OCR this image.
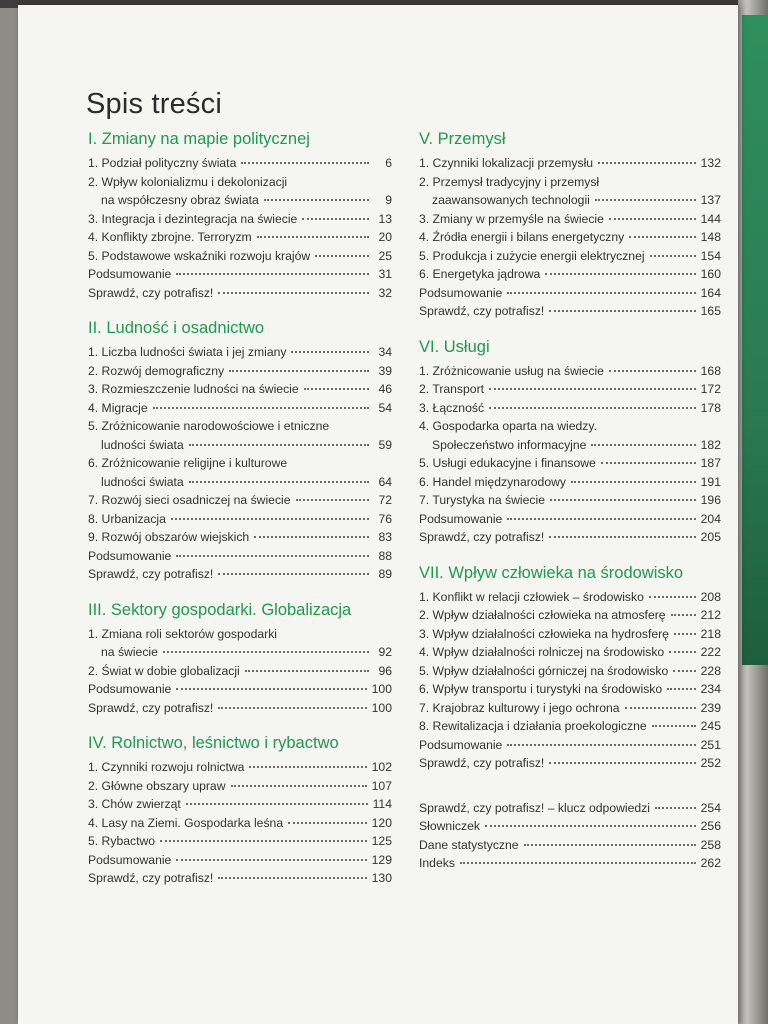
Spis treści
I. Zmiany na mapie politycznej
1. Podział polityczny świata	6
2. Wpływ kolonializmu i dekolonizacji
na współczesny obraz świata	9
3. Integracja i dezintegracja na świecie	13
4. Konflikty zbrojne. Terroryzm	20
5. Podstawowe wskaźniki rozwoju krajów	25
Podsumowanie	31
Sprawdź, czy potrafisz!	32
II. Ludność i osadnictwo
1. Liczba ludności świata i jej zmiany	34
2. Rozwój demograficzny	39
3. Rozmieszczenie ludności na świecie	46
4. Migracje	54
5. Zróżnicowanie narodowościowe i etniczne
ludności świata	59
6. Zróżnicowanie religijne i kulturowe
ludności świata	64
7. Rozwój sieci osadniczej na świecie	72
8. Urbanizacja	76
9. Rozwój obszarów wiejskich	83
Podsumowanie	88
Sprawdź, czy potrafisz!	89
III. Sektory gospodarki. Globalizacja
1. Zmiana roli sektorów gospodarki
na świecie	92
2. Świat w dobie globalizacji	96
Podsumowanie	100
Sprawdź, czy potrafisz!	100
IV. Rolnictwo, leśnictwo i rybactwo
1. Czynniki rozwoju rolnictwa	102
2. Główne obszary upraw	107
3. Chów zwierząt	114
4. Lasy na Ziemi. Gospodarka leśna	120
5. Rybactwo	125
Podsumowanie	129
Sprawdź, czy potrafisz!	130
V. Przemysł
1. Czynniki lokalizacji przemysłu	132
2. Przemysł tradycyjny i przemysł
zaawansowanych technologii	137
3. Zmiany w przemyśle na świecie	144
4. Źródła energii i bilans energetyczny	148
5. Produkcja i zużycie energii elektrycznej	154
6. Energetyka jądrowa	160
Podsumowanie	164
Sprawdź, czy potrafisz!	165
VI. Usługi
1. Zróżnicowanie usług na świecie	168
2. Transport	172
3. Łączność	178
4. Gospodarka oparta na wiedzy.
Społeczeństwo informacyjne	182
5. Usługi edukacyjne i finansowe	187
6. Handel międzynarodowy	191
7. Turystyka na świecie	196
Podsumowanie	204
Sprawdź, czy potrafisz!	205
VII. Wpływ człowieka na środowisko
1. Konflikt w relacji człowiek – środowisko	208
2. Wpływ działalności człowieka na atmosferę	212
3. Wpływ działalności człowieka na hydrosferę	218
4. Wpływ działalności rolniczej na środowisko	222
5. Wpływ działalności górniczej na środowisko	228
6. Wpływ transportu i turystyki na środowisko	234
7. Krajobraz kulturowy i jego ochrona	239
8. Rewitalizacja i działania proekologiczne	245
Podsumowanie	251
Sprawdź, czy potrafisz!	252
Sprawdź, czy potrafisz! – klucz odpowiedzi	254
Słowniczek	256
Dane statystyczne	258
Indeks	262
